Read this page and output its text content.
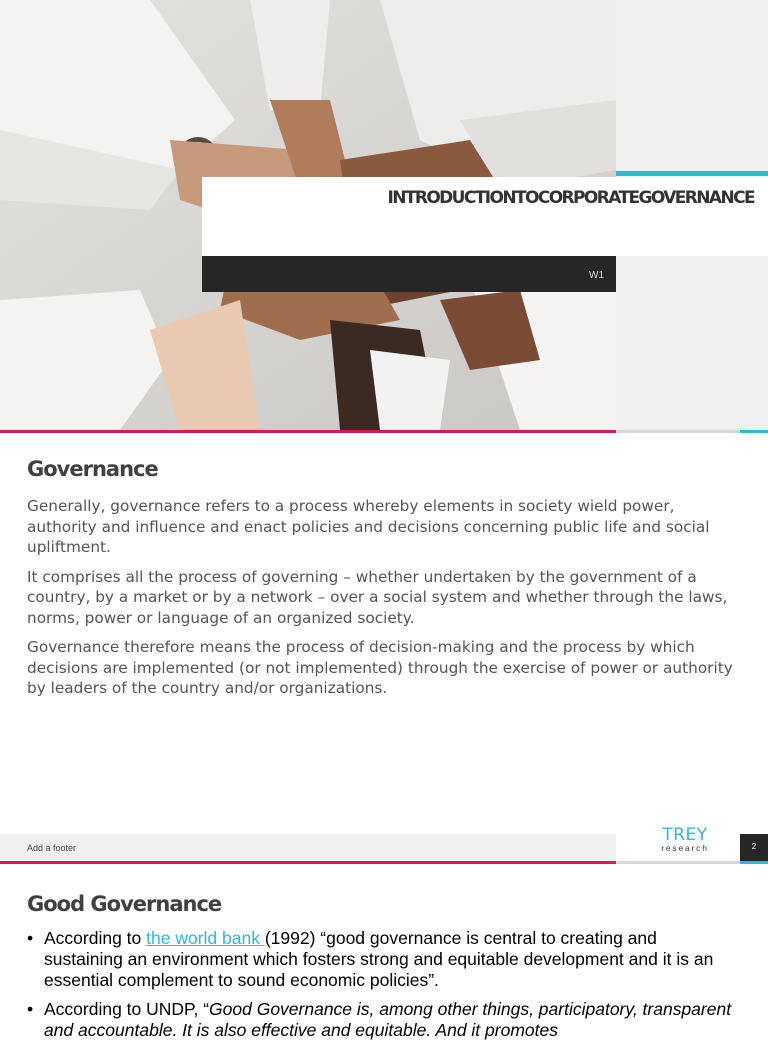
INTRODUCTIONTOCORPORATEGOVERNANCE
W1
Governance

Generally, governance refers to a process whereby elements in society wield power, authority and influence and enact policies and decisions concerning public life and social upliftment.

It comprises all the process of governing – whether undertaken by the government of a country, by a market or by a network – over a social system and whether through the laws, norms, power or language of an organized society.

Governance therefore means the process of decision-making and the process by which decisions are implemented (or not implemented) through the exercise of power or authority by leaders of the country and/or organizations.

Add a footer
TREY
research	2
Good Governance
• According to the world bank (1992) “good governance is central to creating and sustaining an environment which fosters strong and equitable development and it is an essential complement to sound economic policies”.
• According to UNDP, “Good Governance is, among other things, participatory, transparent and accountable. It is also effective and equitable. And it promotes
